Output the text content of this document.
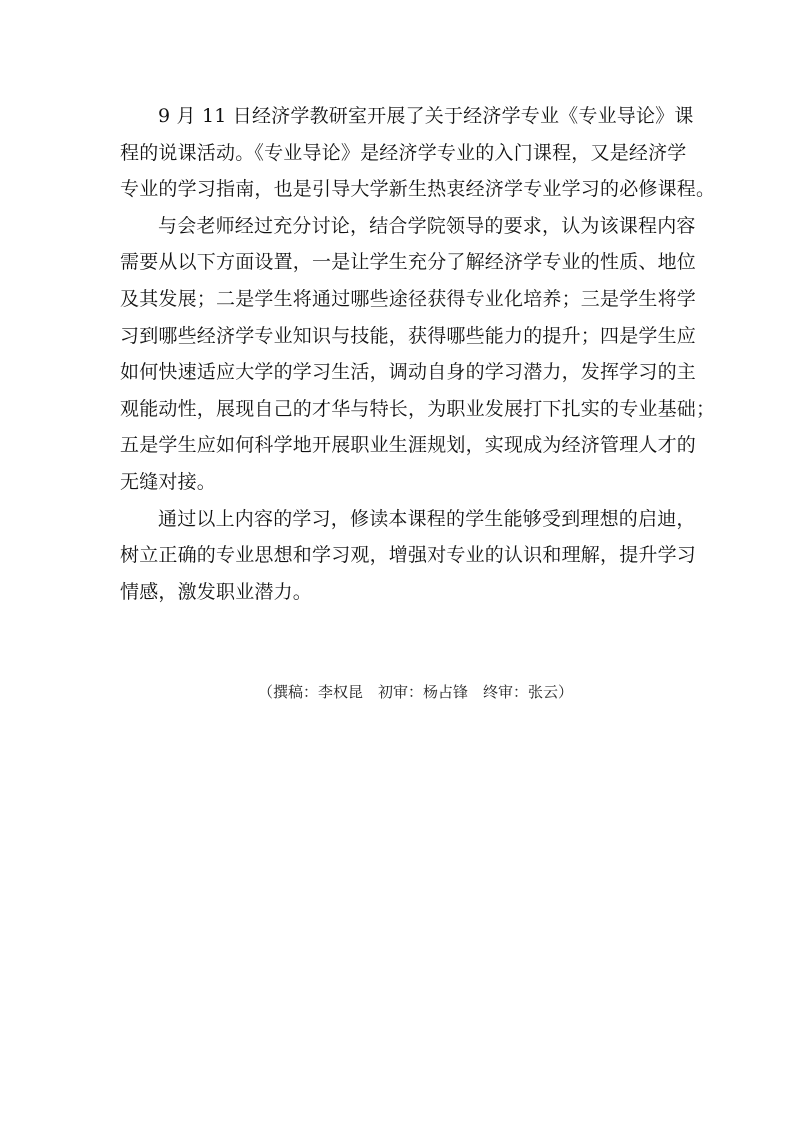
9 月 11 日经济学教研室开展了关于经济学专业《专业导论》课
程的说课活动。《专业导论》是经济学专业的入门课程，又是经济学
专业的学习指南，也是引导大学新生热衷经济学专业学习的必修课程。
与会老师经过充分讨论，结合学院领导的要求，认为该课程内容
需要从以下方面设置，一是让学生充分了解经济学专业的性质、地位
及其发展；二是学生将通过哪些途径获得专业化培养；三是学生将学
习到哪些经济学专业知识与技能，获得哪些能力的提升；四是学生应
如何快速适应大学的学习生活，调动自身的学习潜力，发挥学习的主
观能动性，展现自己的才华与特长，为职业发展打下扎实的专业基础；
五是学生应如何科学地开展职业生涯规划，实现成为经济管理人才的
无缝对接。
通过以上内容的学习，修读本课程的学生能够受到理想的启迪，
树立正确的专业思想和学习观，增强对专业的认识和理解，提升学习
情感，激发职业潜力。
（撰稿：李权昆　初审：杨占锋　终审：张云）
